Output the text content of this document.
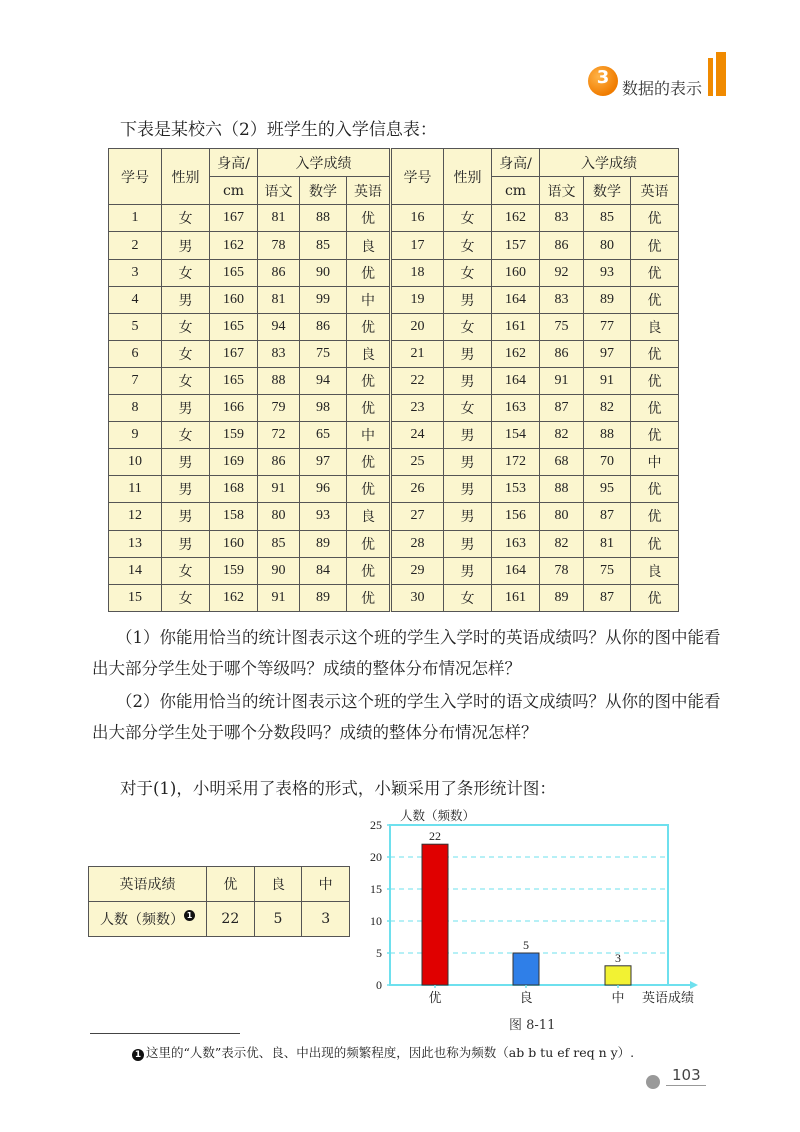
3
数据的表示
下表是某校六（2）班学生的入学信息表：
学号	性别	身高/	入学成绩			学号	性别	身高/	入学成绩		
		cm	语文	数学	英语			cm	语文	数学	英语
1	女	167	81	88	优	16	女	162	83	85	优
2	男	162	78	85	良	17	女	157	86	80	优
3	女	165	86	90	优	18	女	160	92	93	优
4	男	160	81	99	中	19	男	164	83	89	优
5	女	165	94	86	优	20	女	161	75	77	良
6	女	167	83	75	良	21	男	162	86	97	优
7	女	165	88	94	优	22	男	164	91	91	优
8	男	166	79	98	优	23	女	163	87	82	优
9	女	159	72	65	中	24	男	154	82	88	优
10	男	169	86	97	优	25	男	172	68	70	中
11	男	168	91	96	优	26	男	153	88	95	优
12	男	158	80	93	良	27	男	156	80	87	优
13	男	160	85	89	优	28	男	163	82	81	优
14	女	159	90	84	优	29	男	164	78	75	良
15	女	162	91	89	优	30	女	161	89	87	优
（1）你能用恰当的统计图表示这个班的学生入学时的英语成绩吗？从你的图中能看出大部分学生处于哪个等级吗？成绩的整体分布情况怎样？
（2）你能用恰当的统计图表示这个班的学生入学时的语文成绩吗？从你的图中能看出大部分学生处于哪个分数段吗？成绩的整体分布情况怎样？
对于(1)，小明采用了表格的形式，小颖采用了条形统计图：
英语成绩	优	良	中
人数（频数） 1	22	5	3
0
5
10
15
20
25
人数（频数）
22
优
5
良
3
中 英语成绩
图 8-11
1 这里的“人数”表示优、良、中出现的频繁程度，因此也称为频数（ab b tu ef req n y）.
103
